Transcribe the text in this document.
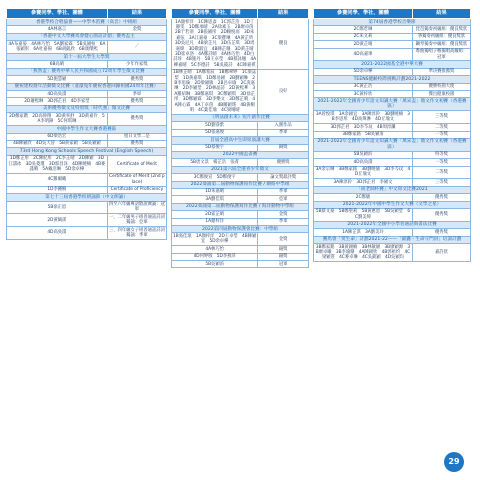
參賽同學、學社、團體	結果
香港學校合唱協會——中學木笛賽（高音）中組組	
4A林嘉言	金獎
「香港中文大學賽馬會健心園設計創」優秀盃主	
4A布嘉晏　4A林巧怡　5A劉家霖　5B吳穎桓　6A張穎彤　6A杜嘉揚　6B胡凱欣　6B康傑熙	／
第十一屆大學生大學獎	
6B高晴	少年作家獎
「燕然盃」優秀中華人民共和國成立72周年學生徵文比賽	
5D施慧穎	優秀獎
慶祝建校週年活動徵文比賽（並濠兔年慶祝香港回歸祖國24周年比賽）	
4D高奐濤	季軍
2D蕭熙琳　3D郭芷君　4D李家瑩	優秀獎
美術優秀徵文及特別獎「時代強」微文比賽	
2D鄭家鍇　2D高偉翔　3D黃率舒　3D黃嘉伶　5A李明鋒　5C何琪琳	優秀獎
中國中學生作文大賽香港賽區	
6D梁浩宏	旭日文學二是
4B陳穎欣　4D吳天晉　5B黃家穎　5B吳穎穎	優秀獎
73rd Hong Kong Schools Speech Festival (English Speech)	
1D鄭芷彤　2C陳紀彤　2C李芷晴　2D陳穎　3D江濤冰　3D吳菱瑾　3D郭昌泽　4D陳曉楠　4B麥謹晴　5A戴浩琳　5D余卓樺	Certificate of Merit
4C羅爾曦	Certificate of Merit (2nd place)
1D李鍾楠	Certificate of Proficiency
第七十三屆香港學校朗誦節（中文朗誦）	
5B徐正恩	四至六年級專語散說廣誦：冠軍
2D黃鶴霈	一、二年級男子組普通話詩詞獨誦：亞軍
4D高奐濤	三、四年級女子組普通話詩詞獨誦：季軍
參賽同學、學社、團體	結果
1A顏梓洋　1C陳思彥　1C郭芷浩　1D丁靜雯　1D鄭承晴　2A徐素玉　2B廖卓茵　2B于若翎　2B張穎彤　2D賴悦而　3D朱嘉弦　3A江嘉豪　3C梁寶琳　4A黃芷昕　3D吳尼凡　4B梁芷凡　3D伍芷琪　3D周嘉煒　3D敬淑宜　4B陳芷珊　3D黃芷晴　3D崔卓洛　4A鄭詩晴　4A林巧怡　4D白詩珍　4B施丹　5B王卓瑩　4B蔡詠翹　4A柳嘉晴　5C李德詩　5B吳筱詩　4C陳嘉祺	優良
1B林芷晴　1A鄭希辰　1B鄭翠婷　1C梁誌梨　1D黃嘉琪　1D鄭易穎　2B劉穎琳　2B李思倫　2D梁穎敏　2B呂卓瑜　2C冼嘉琳　2D李穎瑩　2D林晶詩　2D黃熙華　3A羅紹琳　3B鄭嘉琪　3C鄭穎琪　3D徐芷彤　3D鄭穎霖　3D李樂文　3D鄭芷晴　4A陳心霖　4A丁卓茵　4B關穎瑤　4B黃桐明　4C葉佳瑜　4C梁晴晴	良好
《明法創未來》短片創作比賽	
5D劉睿紫	入圍作品
5D張嘉俊	季軍
首屆全港高中生即席演講大賽	
5D蔡俊宇	銅獎
2022中國盃書賽	
5B唐文景　楊芷浩　張菁	優勝獎
2021第六屆全港青少年徵文	
3C鄭俊宣　5D鄭俊宇	論文獎最評獎
2022葵涌第二屆動物保護寫作比賽 / 網絡中學組	
1D朱嘉晴	季軍
3A劉佳琪	亞軍
2022葵涌第二屆動物保護寫作比賽 / 海洋動物中學組	
2D霍芷晴	金獎
1A顏梓洋	季軍
2022第四屆動物保護會比賽：中學組	
1B張佳珉　1A顏梓洋　2D王卓瑩　4B陳穎宜　5D余卓樺	金獎
4A林巧怡	銀獎
4D何婷殷　5D李燕萍	銀獎
5B吳穎淯	冠軍
參賽同學、學社、團體	結果
第74屆香港學校音樂節	
2C鄭惹琳	琵琶獨奏初級組：優良獎狀
2C朱文莉	箏獨奏初級組：優良獎狀
2D黃芷晴	鋼琴獨奏中級組：優良獎狀
4D高嘉瑋	粵曲獨唱子喉獨唱高級組：冠軍
2021-2022國基全港中華大賽	
5D余卓樺	準決賽推薦獎
TEENS健齡校際挑戰計劃2021-2022	
3C黃芷浩	優勝校園大使
3C黃梓欣	傑出健康校園
2021-2022年全國青少年語文知識大賽「萬宋盃」徵文作文初賽（香港賽區）	
3A曾悅琪　3A余穎宜　3A陳淳鈴　3B劉曉楠　3B李思彤　4D高煒淋　4D丘瑜文	三等獎
3D郭芷君　3D李芩玟　4B周淳瀾	二等獎
3B鄭家銘　5B吳穎淯	一等獎
2021-2022年全國青少年語文知識大賽「萬宋盃」徵文作文初賽（香港賽區）	
5B吳穎淯	特等獎
4D高奐濤	一等獎
3A余宗琳　3B鄭家銘　3B劉曉儀　3D李芩玟　4D丘瑜文	二等獎
3A陳淳鈴　3D郭芷君　李穎文	三等獎
「尚老師杯賽」中文寫文比賽2021	
2C鄭儀	優秀獎
2021-2022年中國中學生作文大賽（文學之星）	
5B蔡文豪　5B鄭聖莉　5B黃惠恩　5B吳穎瑩　6C劉美煒	優秀獎
2021-2022年全國中小學普通話與書法比賽	
1A陳芷淇　3A劉美玲	優秀獎
賽馬會「愛生命」計劃2021-22——「錦囊 - 生命守門員」培訓計劃	
3B鄭家銘　3B黃穎楠　3B林敏穎　3B廖穎源　3B廖卓曦　3B李瑜珊　4A陳穎欣　4B郭祖灼　4C梁穎熹　4C麥卓琳　4C吳凱穎　4D吳穎均	嘉許狀
29
